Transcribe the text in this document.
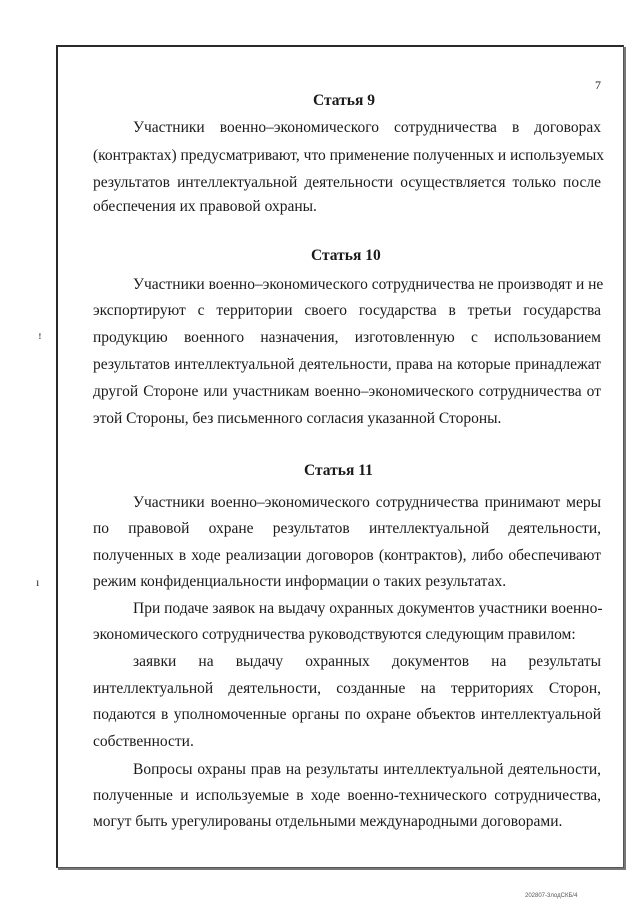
7
Статья 9
Участники военно–экономического сотрудничества в договорах
(контрактах) предусматривают, что применение полученных и используемых
результатов интеллектуальной деятельности осуществляется только после
обеспечения их правовой охраны.
Статья 10
Участники военно–экономического сотрудничества не производят и не
экспортируют с территории своего государства в третьи государства
продукцию военного назначения, изготовленную с использованием
результатов интеллектуальной деятельности, права на которые принадлежат
другой Стороне или участникам военно–экономического сотрудничества от
этой Стороны, без письменного согласия указанной Стороны.
Статья 11
Участники военно–экономического сотрудничества принимают меры
по правовой охране результатов интеллектуальной деятельности,
полученных в ходе реализации договоров (контрактов), либо обеспечивают
режим конфиденциальности информации о таких результатах.
При подаче заявок на выдачу охранных документов участники военно-
экономического сотрудничества руководствуются следующим правилом:
заявки на выдачу охранных документов на результаты
интеллектуальной деятельности, созданные на территориях Сторон,
подаются в уполномоченные органы по охране объектов интеллектуальной
собственности.
Вопросы охраны прав на результаты интеллектуальной деятельности,
полученные и используемые в ходе военно-технического сотрудничества,
могут быть урегулированы отдельными международными договорами.
ꜝ
ı
202807-3лодСКБ/4
